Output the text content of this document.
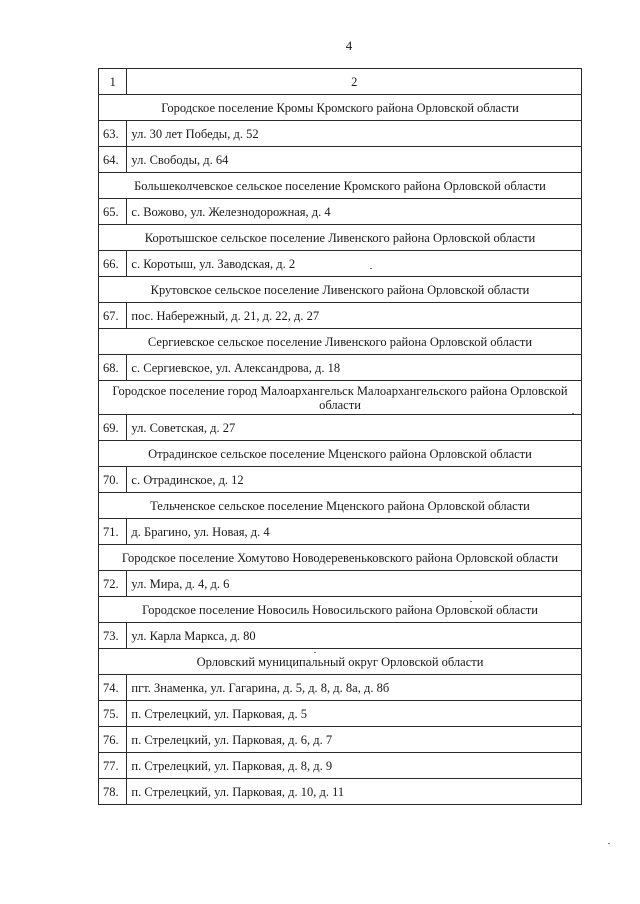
4
1	2
Городское поселение Кромы Кромского района Орловской области	
63.	ул. 30 лет Победы, д. 52
64.	ул. Свободы, д. 64
Большеколчевское сельское поселение Кромского района Орловской области	
65.	с. Вожово, ул. Железнодорожная, д. 4
Коротышское сельское поселение Ливенского района Орловской области	
66.	с. Коротыш, ул. Заводская, д. 2
Крутовское сельское поселение Ливенского района Орловской области	
67.	пос. Набережный, д. 21, д. 22, д. 27
Сергиевское сельское поселение Ливенского района Орловской области	
68.	с. Сергиевское, ул. Александрова, д. 18
Городское поселение город Малоархангельск Малоархангельского района Орловской области	
69.	ул. Советская, д. 27
Отрадинское сельское поселение Мценского района Орловской области	
70.	с. Отрадинское, д. 12
Тельченское сельское поселение Мценского района Орловской области	
71.	д. Брагино, ул. Новая, д. 4
Городское поселение Хомутово Новодеревеньковского района Орловской области	
72.	ул. Мира, д. 4, д. 6
Городское поселение Новосиль Новосильского района Орловской области	
73.	ул. Карла Маркса, д. 80
Орловский муниципальный округ Орловской области	
74.	пгт. Знаменка, ул. Гагарина, д. 5, д. 8, д. 8а, д. 8б
75.	п. Стрелецкий, ул. Парковая, д. 5
76.	п. Стрелецкий, ул. Парковая, д. 6, д. 7
77.	п. Стрелецкий, ул. Парковая, д. 8, д. 9
78.	п. Стрелецкий, ул. Парковая, д. 10, д. 11
